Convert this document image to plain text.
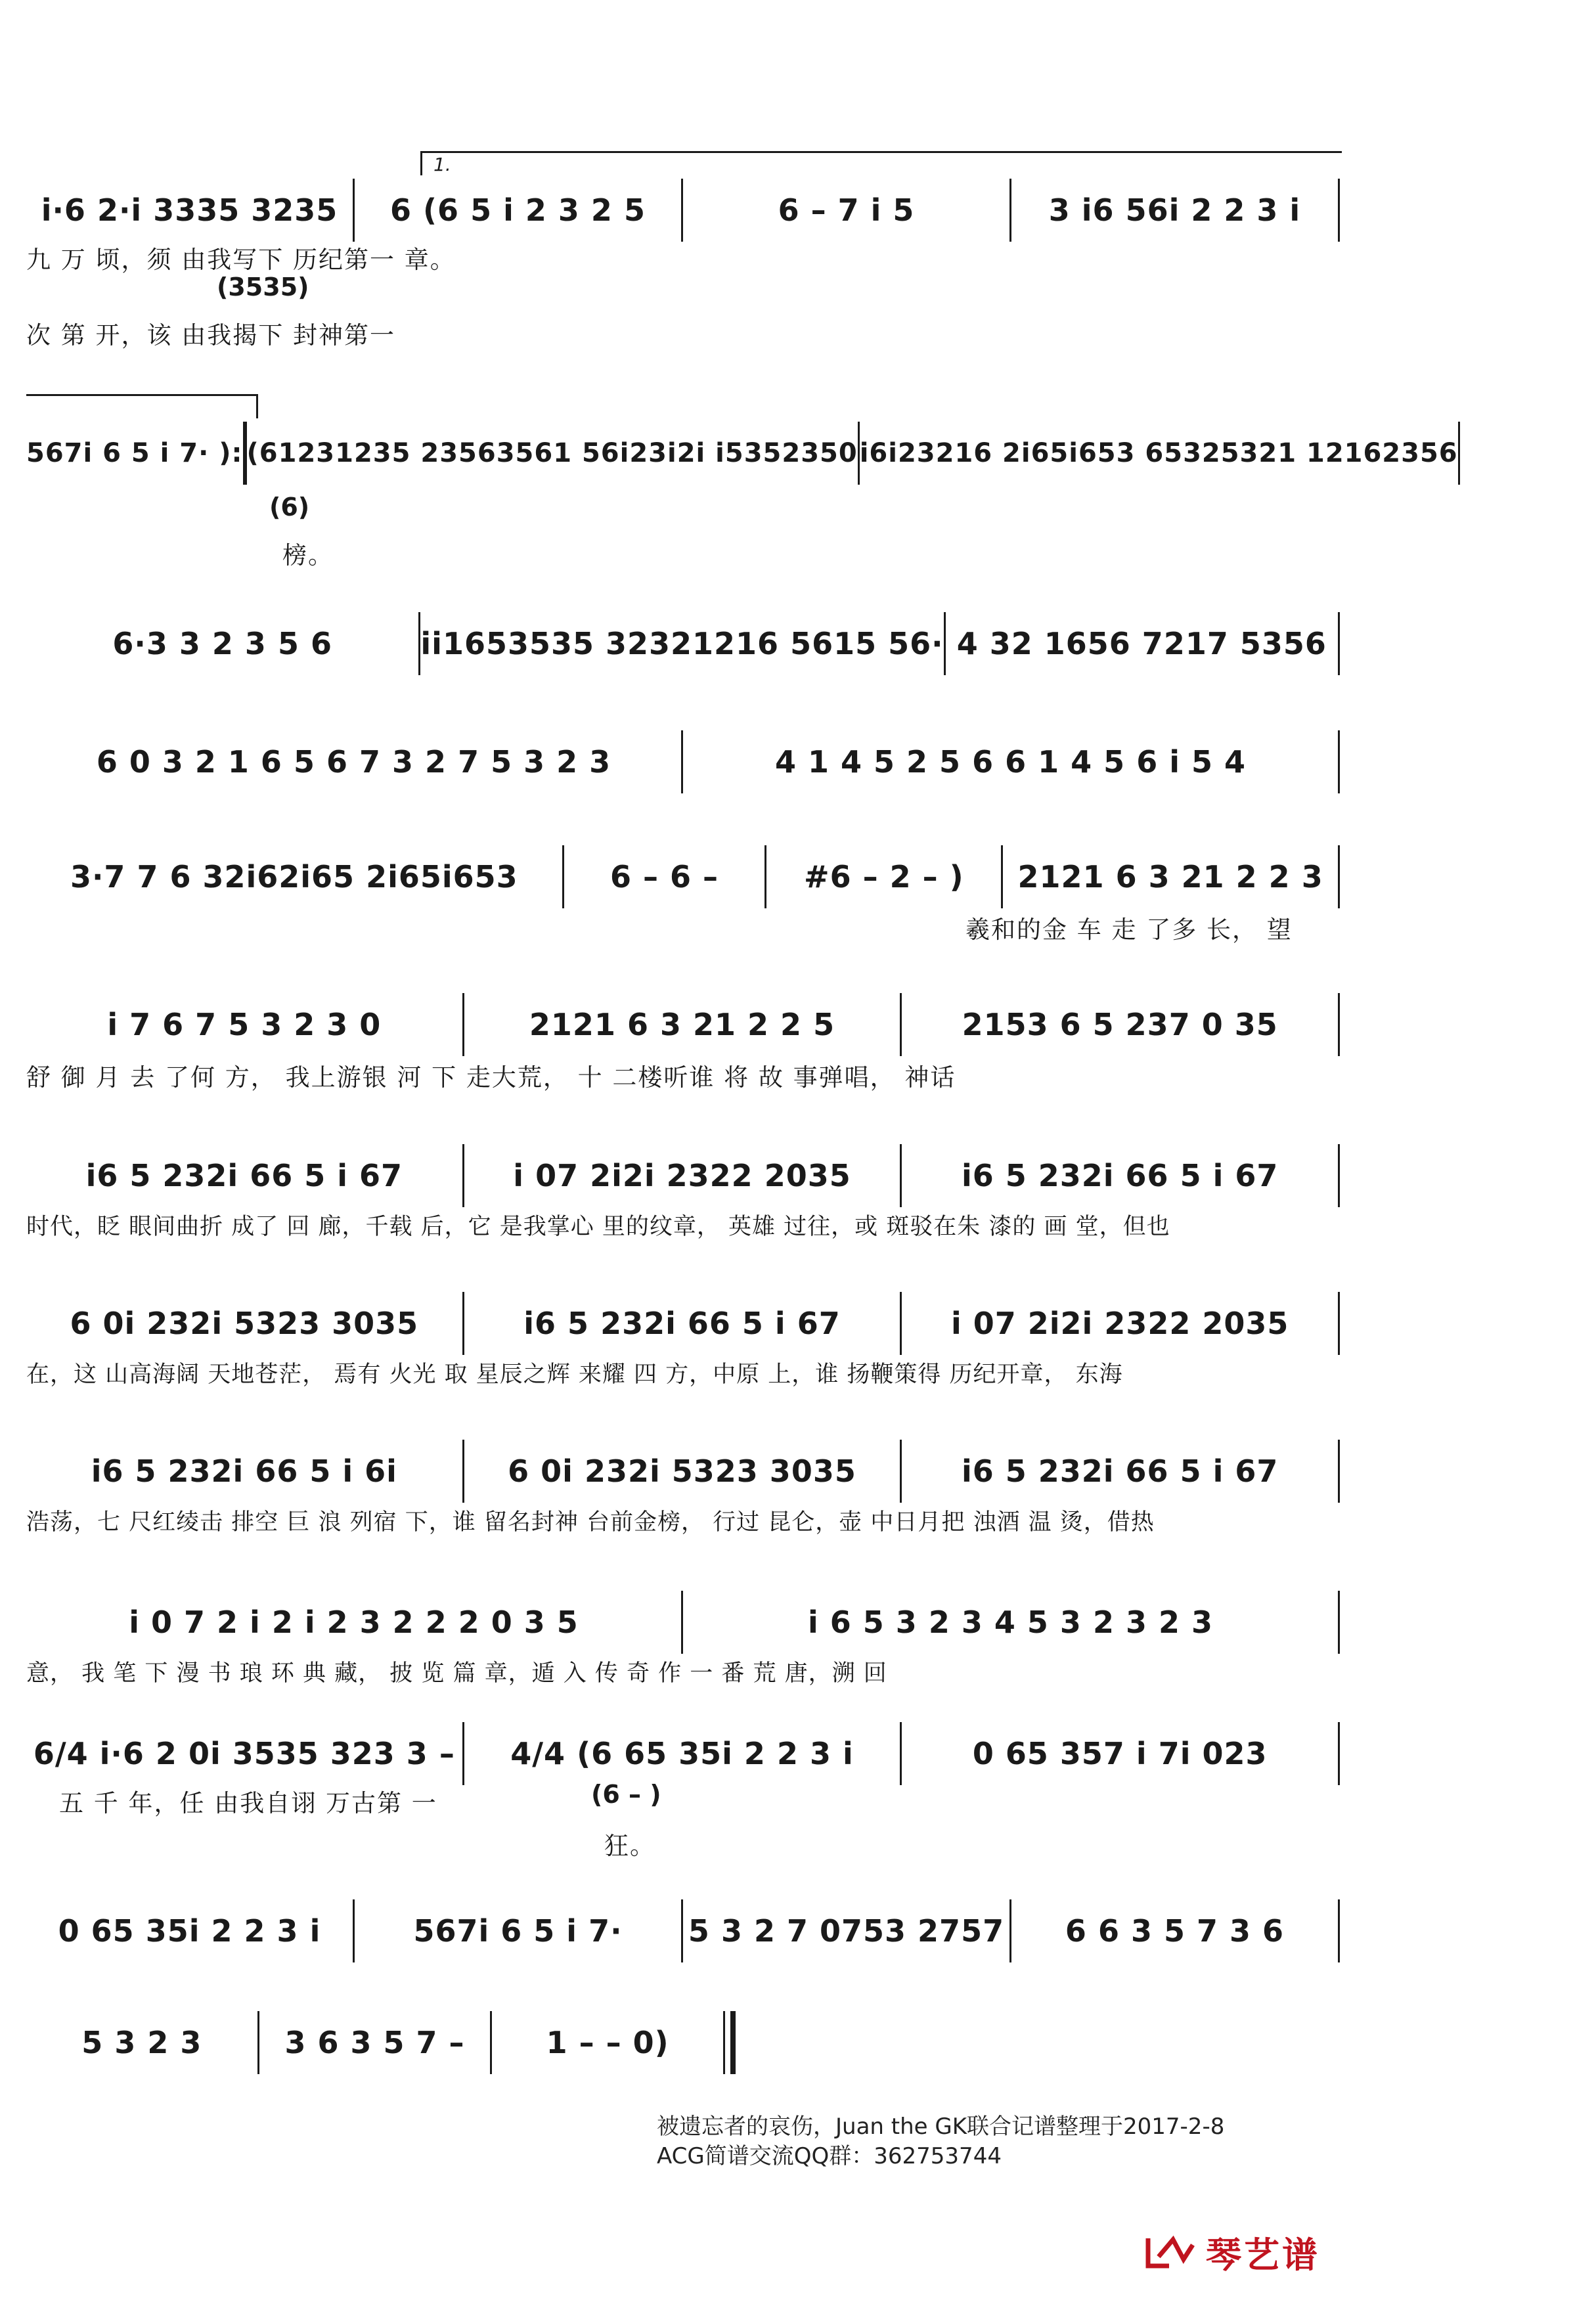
1.
i·6 2·i 3335 3235	6 (6 5 i 2 3 2 5	6 – 7 i 5	3 i6 56i 2 2 3 i
九 万 顷，须 由我写下 历纪第一 章。
(3535)
次 第 开，该 由我揭下 封神第一
567i 6 5 i 7· ): (61231235 23563561 56i23i2i i5352350 i6i23216 2i65i653 65325321 12162356
(6)
榜。
6·3 3 2 3 5 6	ii1653535 32321216 5615 56· 4 32 1656 7217 5356
6 0 3 2 1 6 5 6 7 3 2 7 5 3 2 3	4 1 4 5 2 5 6 6 1 4 5 6 i 5 4
3·7 7 6 32i62i65 2i65i653	6 – 6 –	#6 – 2 – )	2121 6 3 21 2 2 3
羲和的金 车 走 了多 长， 望
i 7 6 7 5 3 2 3 0	2121 6 3 21 2 2 5	2153 6 5 237 0 35
舒 御 月 去 了何 方， 我上游银 河 下 走大荒， 十 二楼听谁 将 故 事弹唱， 神话
i6 5 232i 66 5 i 67	i 07 2i2i 2322 2035	i6 5 232i 66 5 i 67
时代，眨 眼间曲折 成了 回 廊，千载 后，它 是我掌心 里的纹章， 英雄 过往，或 斑驳在朱 漆的 画 堂，但也
6 0i 232i 5323 3035	i6 5 232i 66 5 i 67	i 07 2i2i 2322 2035
在，这 山高海阔 天地苍茫， 焉有 火光 取 星辰之辉 来耀 四 方，中原 上，谁 扬鞭策得 历纪开章， 东海
i6 5 232i 66 5 i 6i	6 0i 232i 5323 3035	i6 5 232i 66 5 i 67
浩荡，七 尺红绫击 排空 巨 浪 列宿 下，谁 留名封神 台前金榜， 行过 昆仑，壶 中日月把 浊酒 温 烫，借热
i 0 7 2 i 2 i 2 3 2 2 2 0 3 5	i 6 5 3 2 3 4 5 3 2 3 2 3
意， 我 笔 下 漫 书 琅 环 典 藏， 披 览 篇 章，遁 入 传 奇 作 一 番 荒 唐，溯 回
6/4 i·6 2 0i 3535 323 3 –	4/4 (6 65 35i 2 2 3 i	0 65 357 i 7i 023
五 千 年，任 由我自诩 万古第 一	(6 – )
狂。
0 65 35i 2 2 3 i	567i 6 5 i 7·	5 3 2 7 0753 2757	6 6 3 5 7 3 6
5 3 2 3	3 6 3 5 7 –	1 – – 0)
被遗忘者的哀伤，Juan the GK联合记谱整理于2017-2-8
ACG简谱交流QQ群：362753744
琴艺谱
